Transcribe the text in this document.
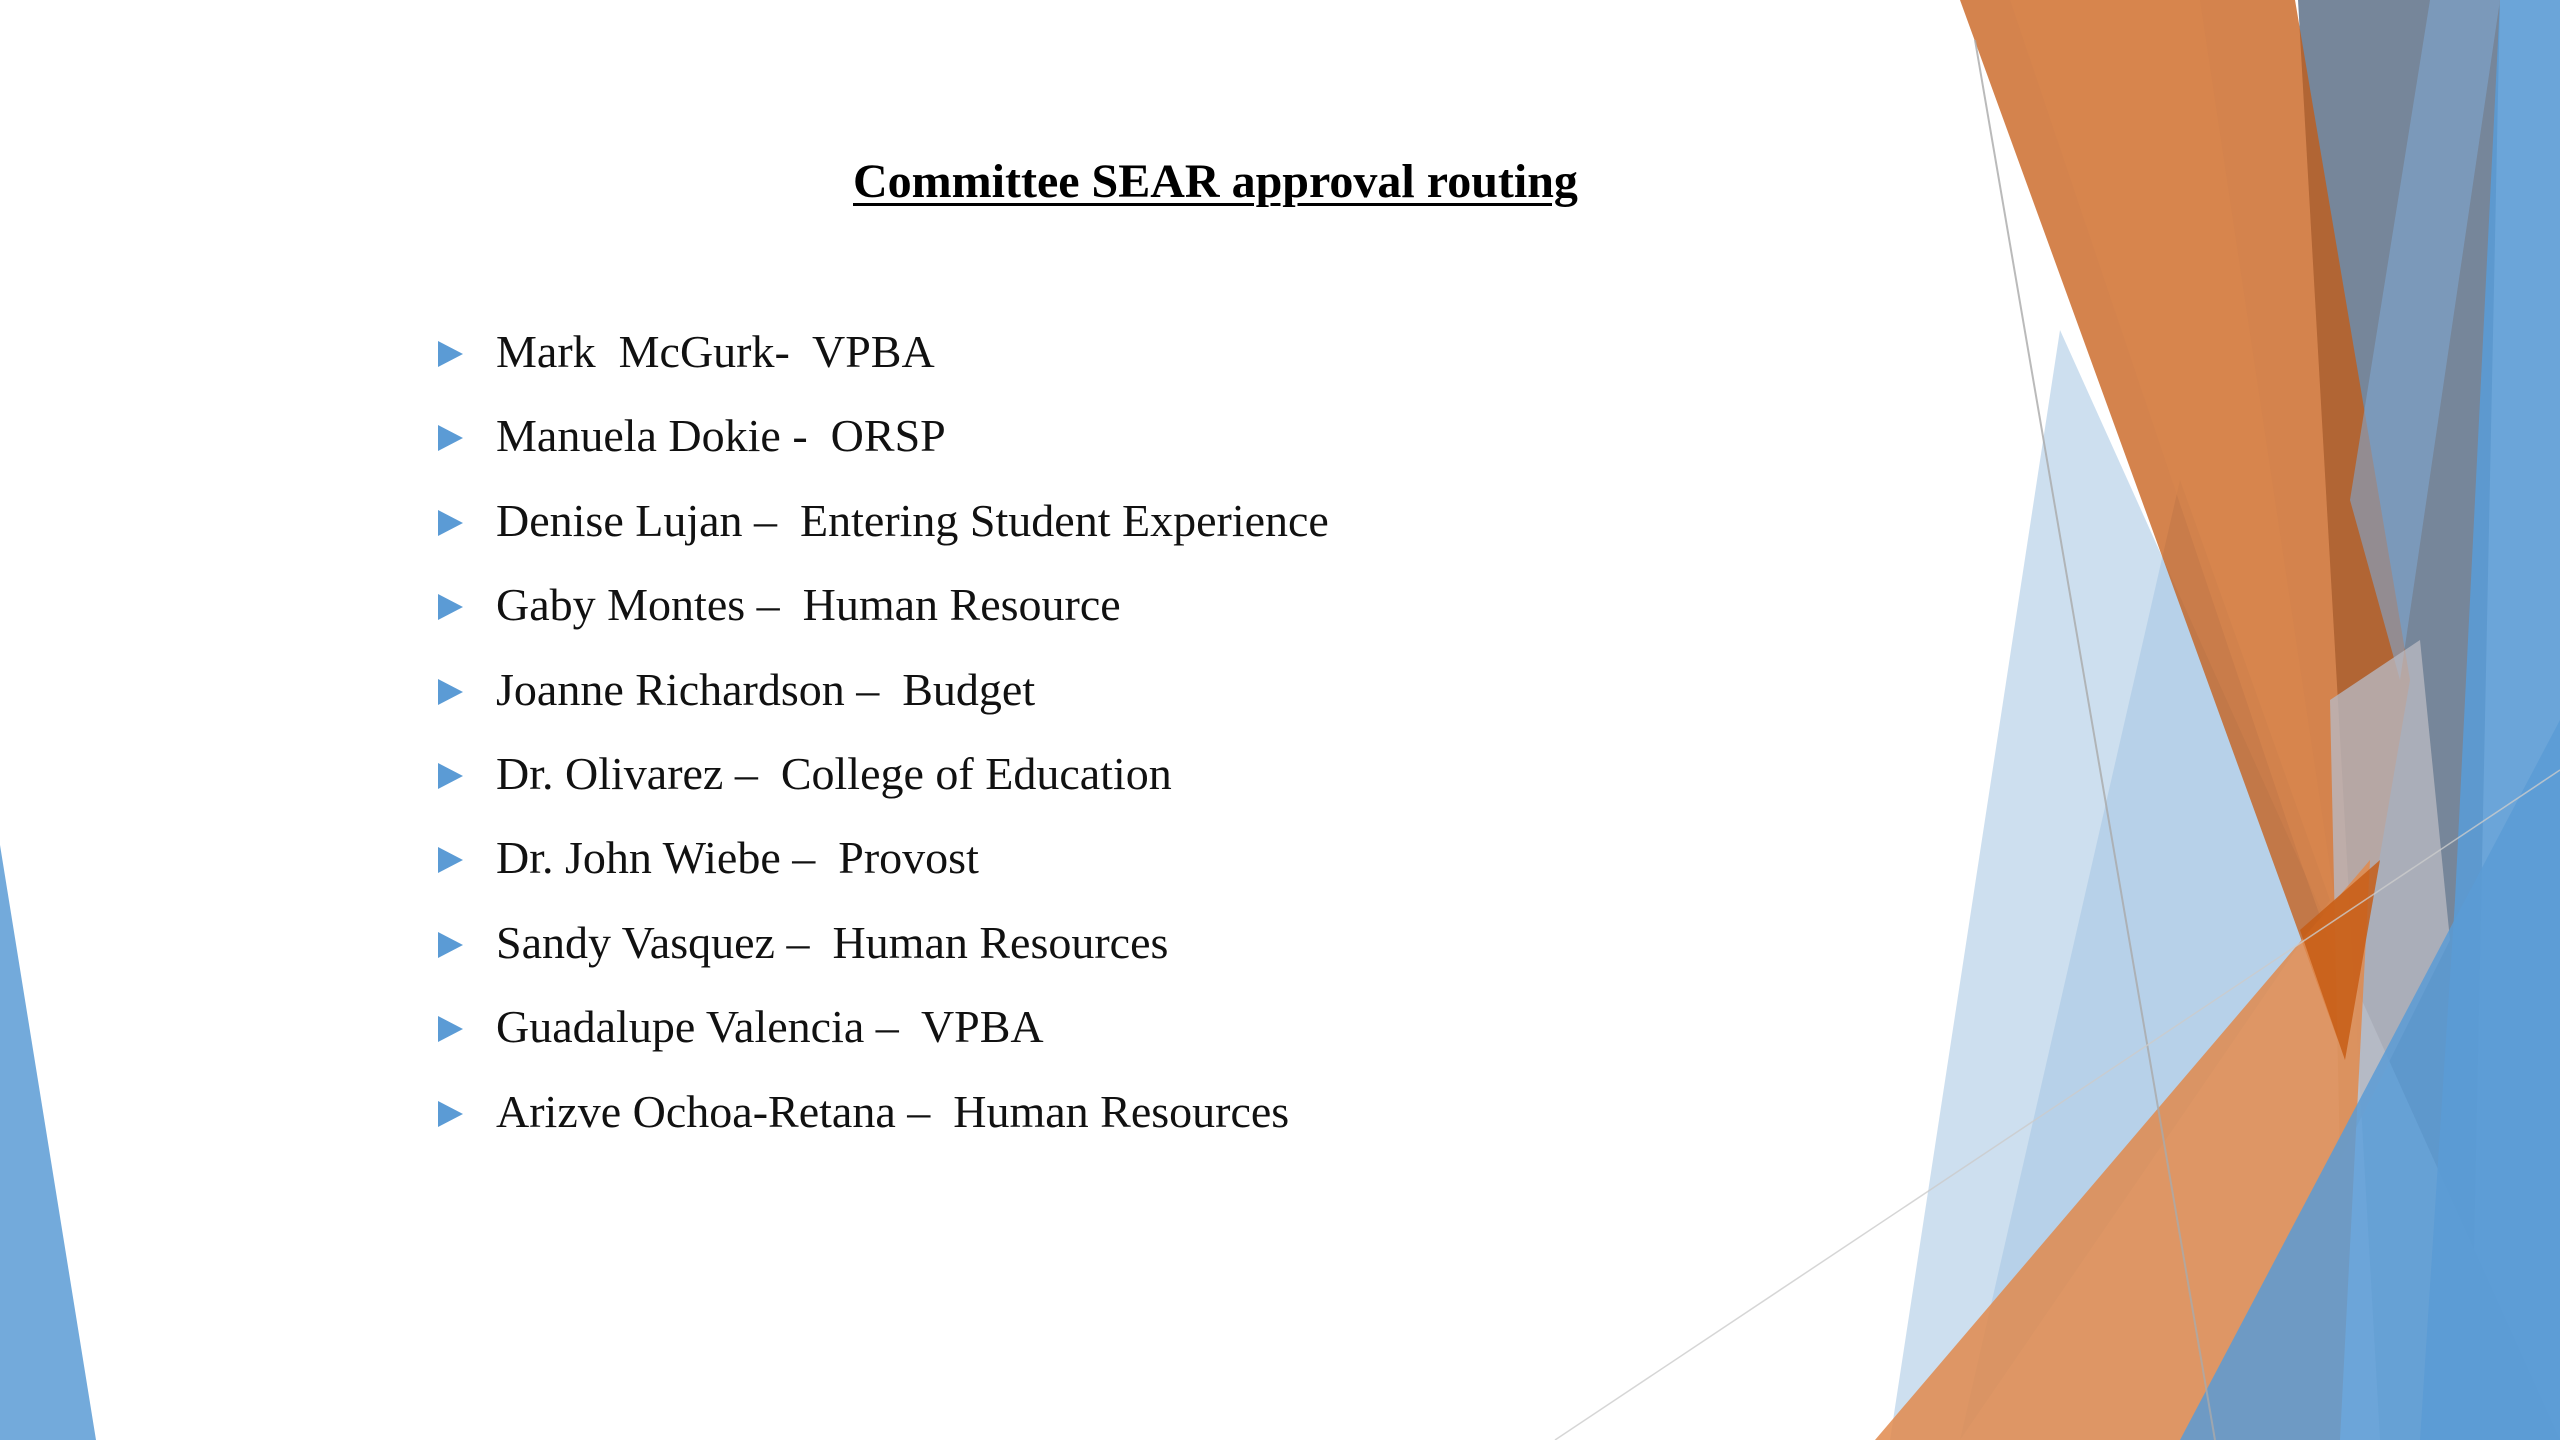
Committee SEAR approval routing
Mark  McGurk-  VPBA
Manuela Dokie -  ORSP
Denise Lujan –  Entering Student Experience
Gaby Montes –  Human Resource
Joanne Richardson –  Budget
Dr. Olivarez –  College of Education
Dr. John Wiebe –  Provost
Sandy Vasquez –  Human Resources
Guadalupe Valencia –  VPBA
Arizve Ochoa-Retana –  Human Resources
